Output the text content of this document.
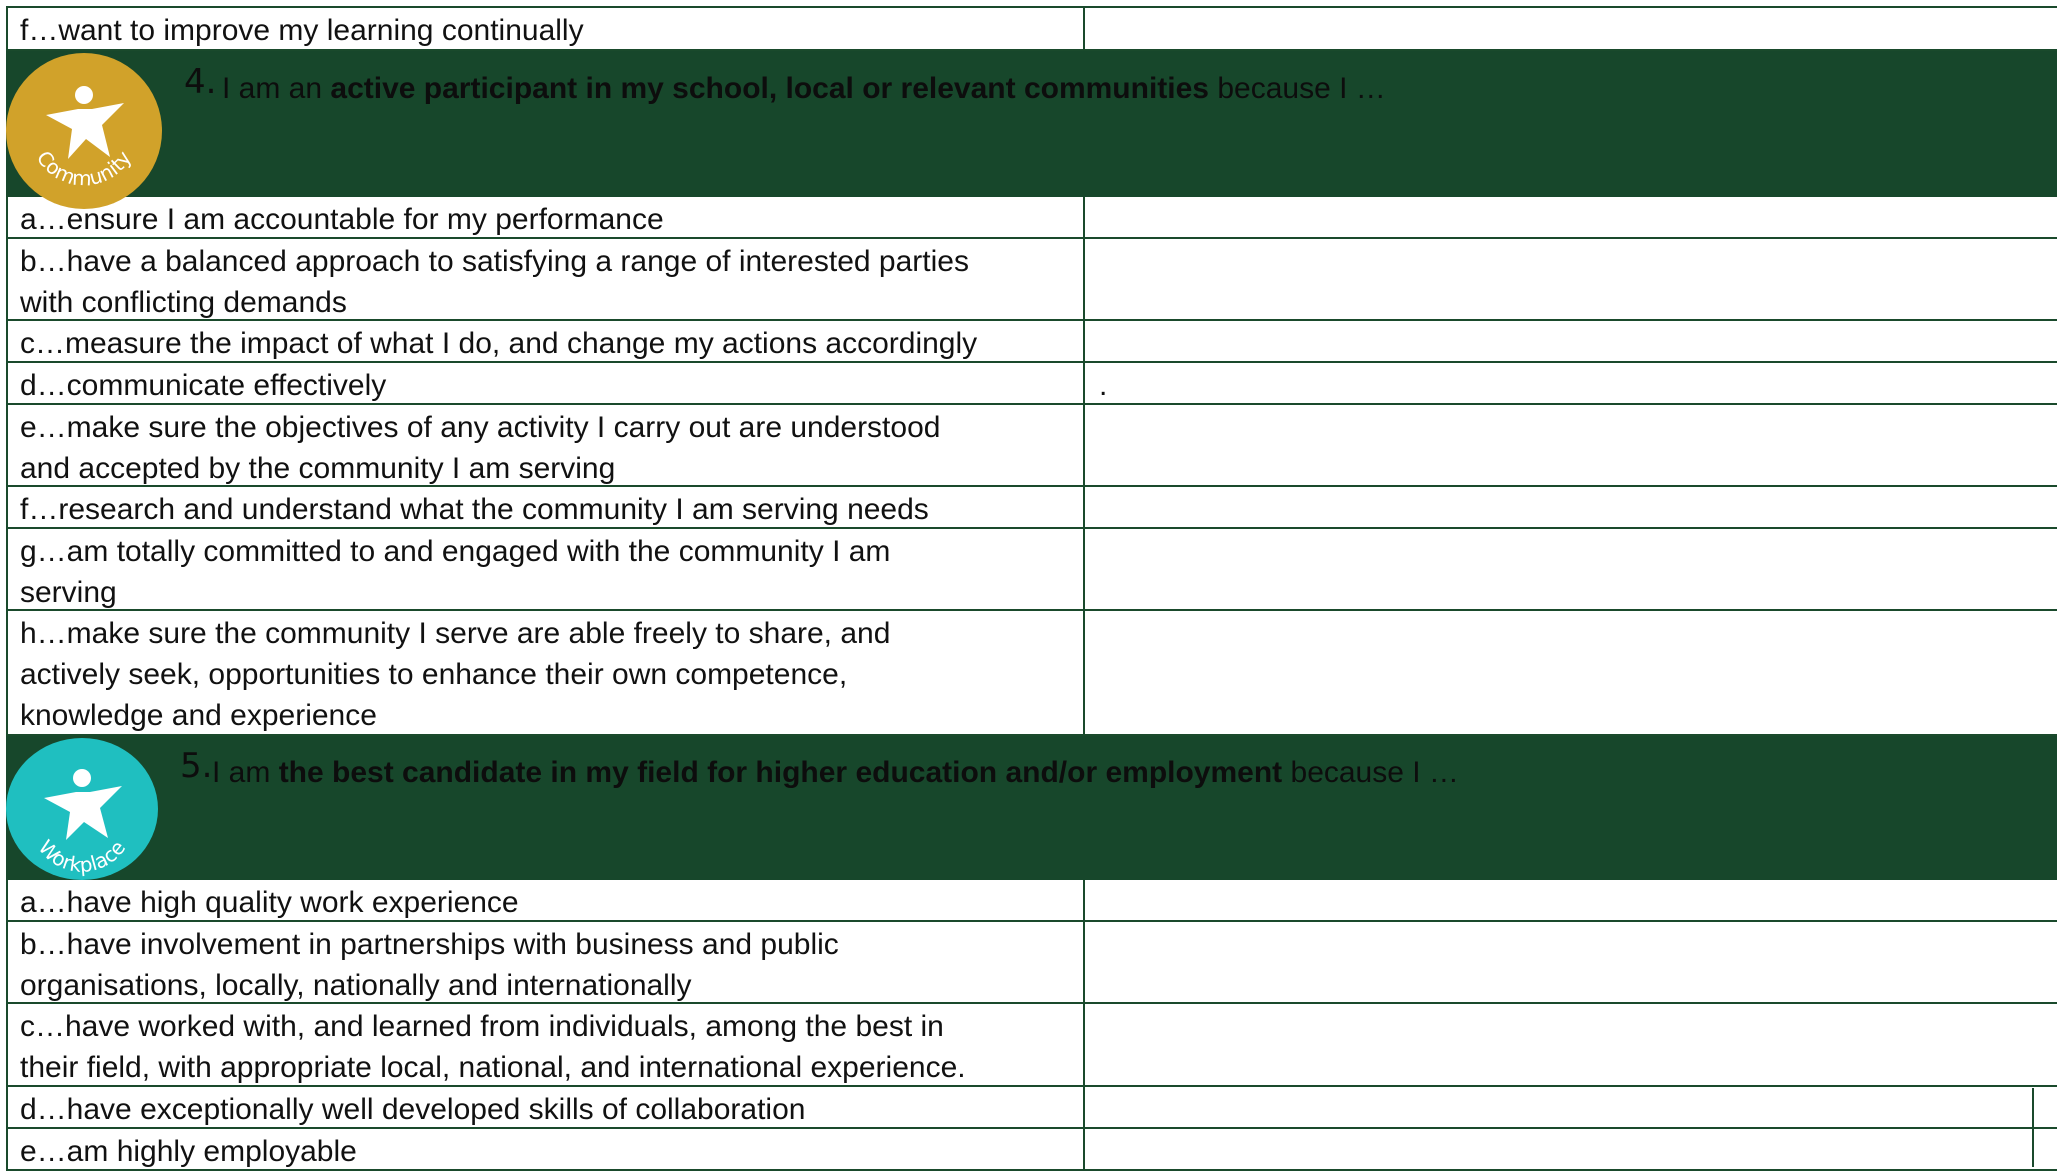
f…want to improve my learning continually
Community
4. I am an active participant in my school, local or relevant communities because I …
a…ensure I am accountable for my performance
b…have a balanced approach to satisfying a range of interested parties
with conflicting demands
c…measure the impact of what I do, and change my actions accordingly
d…communicate effectively	.
e…make sure the objectives of any activity I carry out are understood
and accepted by the community I am serving
f…research and understand what the community I am serving needs
g…am totally committed to and engaged with the community I am
serving
h…make sure the community I serve are able freely to share, and
actively seek, opportunities to enhance their own competence,
knowledge and experience
Workplace
5. I am the best candidate in my field for higher education and/or employment because I …
a…have high quality work experience
b…have involvement in partnerships with business and public
organisations, locally, nationally and internationally
c…have worked with, and learned from individuals, among the best in
their field, with appropriate local, national, and international experience.
d…have exceptionally well developed skills of collaboration
e…am highly employable
